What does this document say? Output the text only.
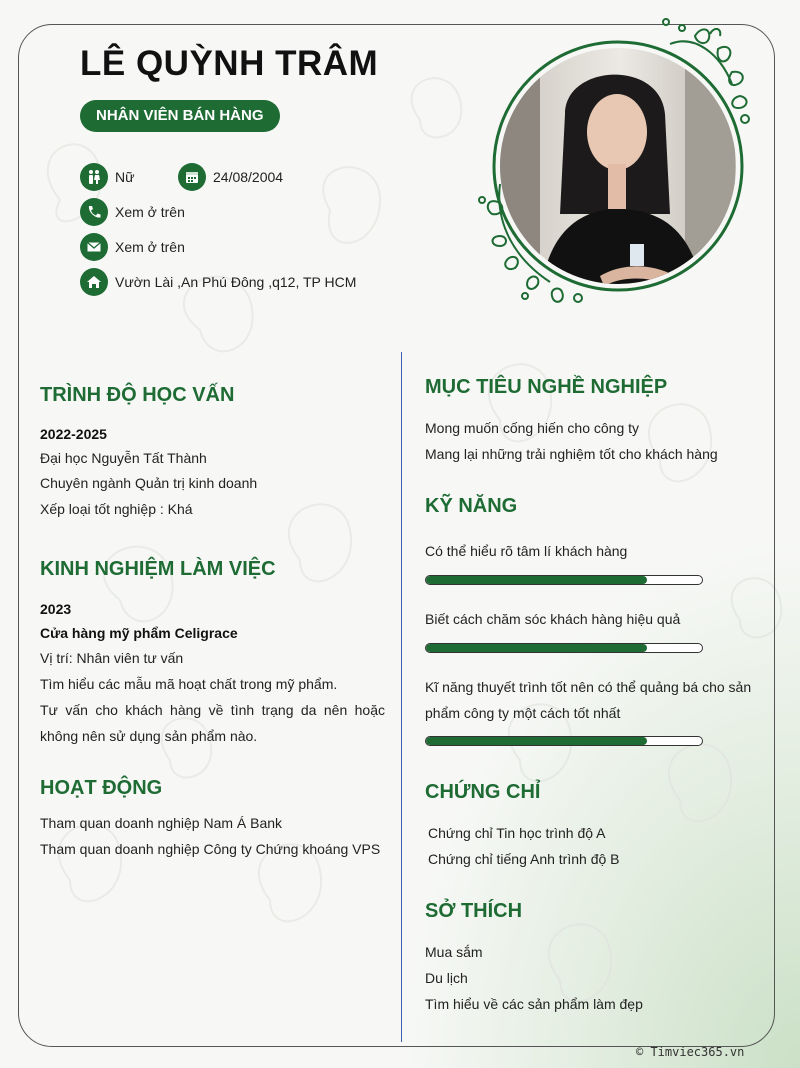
LÊ QUỲNH TRÂM
NHÂN VIÊN BÁN HÀNG
Nữ	24/08/2004
Xem ở trên
Xem ở trên
Vườn Lài ,An Phú Đông ,q12, TP HCM
TRÌNH ĐỘ HỌC VẤN
2022-2025
Đại học Nguyễn Tất Thành
Chuyên ngành Quản trị kinh doanh
Xếp loại tốt nghiệp : Khá
KINH NGHIỆM LÀM VIỆC
2023
Cửa hàng mỹ phẩm Celigrace
Vị trí: Nhân viên tư vấn
Tìm hiểu các mẫu mã hoạt chất trong mỹ phẩm.
Tư vấn cho khách hàng về tình trạng da nên hoặc không nên sử dụng sản phẩm nào.
HOẠT ĐỘNG
Tham quan doanh nghiệp Nam Á Bank
Tham quan doanh nghiệp Công ty Chứng khoáng VPS
MỤC TIÊU NGHỀ NGHIỆP
Mong muốn cống hiến cho công ty
Mang lại những trải nghiệm tốt cho khách hàng
KỸ NĂNG
Có thể hiểu rõ tâm lí khách hàng
Biết cách chăm sóc khách hàng hiệu quả
Kĩ năng thuyết trình tốt nên có thể quảng bá cho sản phẩm công ty một cách tốt nhất
CHỨNG CHỈ
Chứng chỉ Tin học trình độ A
Chứng chỉ tiếng Anh trình độ B
SỞ THÍCH
Mua sắm
Du lịch
Tìm hiểu về các sản phẩm làm đẹp
© Timviec365.vn
